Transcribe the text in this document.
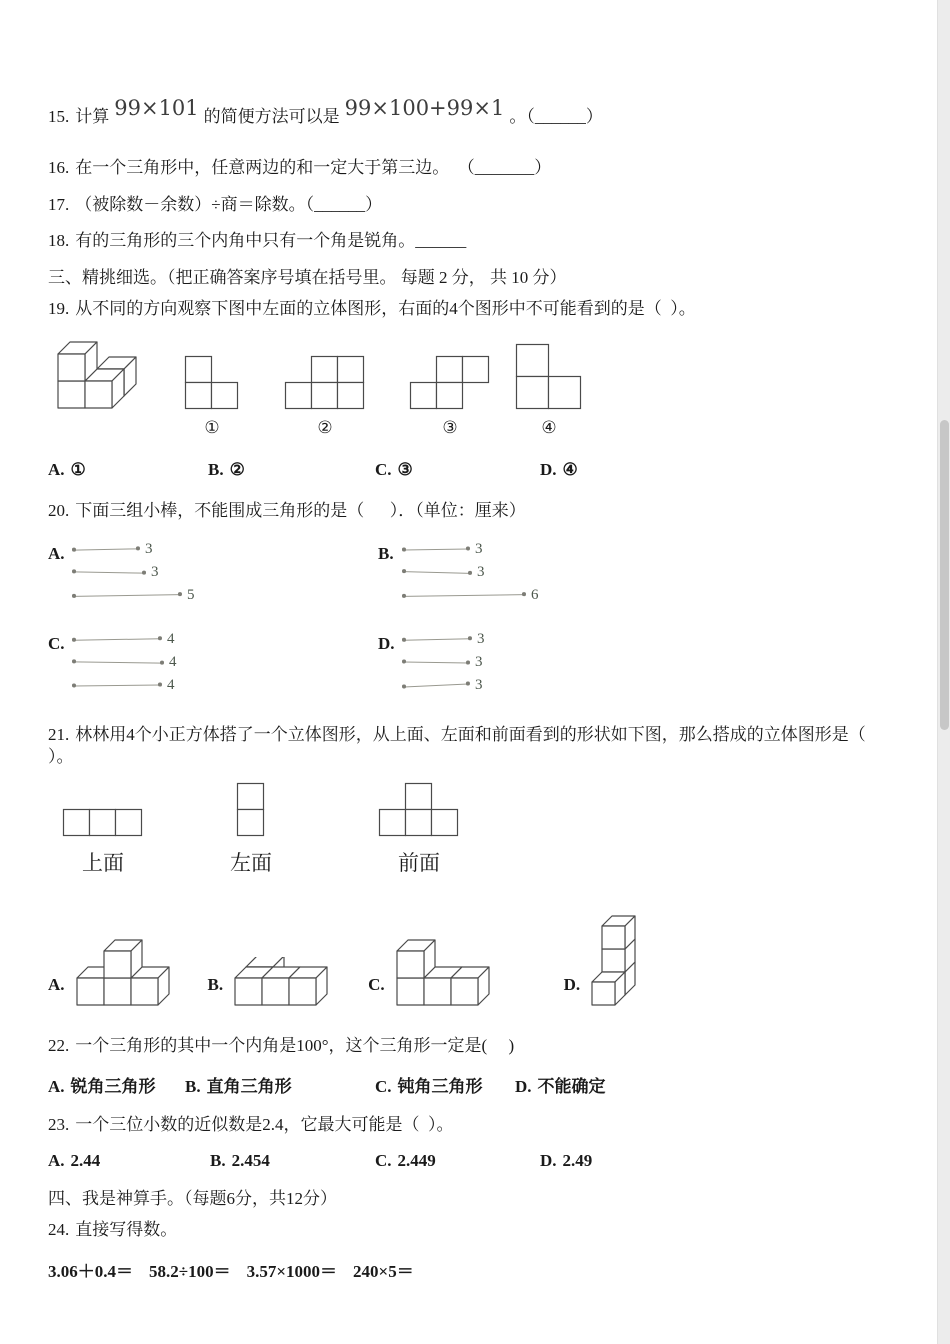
15. 计算 99×101 的简便方法可以是 99×100+99×1 。（______）

16. 在一个三角形中，任意两边的和一定大于第三边。  （_______）

17. （被除数－余数）÷商＝除数。（______）

18. 有的三角形的三个内角中只有一个角是锐角。______

三、精挑细选。（把正确答案序号填在括号里。 每题 2 分， 共 10 分）

19. 从不同的方向观察下图中左面的立体图形，右面的4个图形中不可能看到的是（  ）。

①	②	③	④
A. ①	B. ②	C. ③	D. ④

20. 下面三组小棒，不能围成三角形的是（      ）．（单位：厘来）

A.	3
3
5
B.	3
3
6
C.	4
4
4
D.	3
3
3

21. 林林用4个小正方体搭了一个立体图形，从上面、左面和前面看到的形状如下图，那么搭成的立体图形是（  ）。

上面	左面	前面
A.	B.	C.	D.

22. 一个三角形的其中一个内角是100°，这个三角形一定是(     )

A. 锐角三角形	B. 直角三角形	C. 钝角三角形	D. 不能确定

23. 一个三位小数的近似数是2.4，它最大可能是（  ）。

A. 2.44	B. 2.454	C. 2.449	D. 2.49

四、我是神算手。（每题6分，共12分）

24. 直接写得数。

3.06＋0.4＝ 58.2÷100＝ 3.57×1000＝ 240×5＝
